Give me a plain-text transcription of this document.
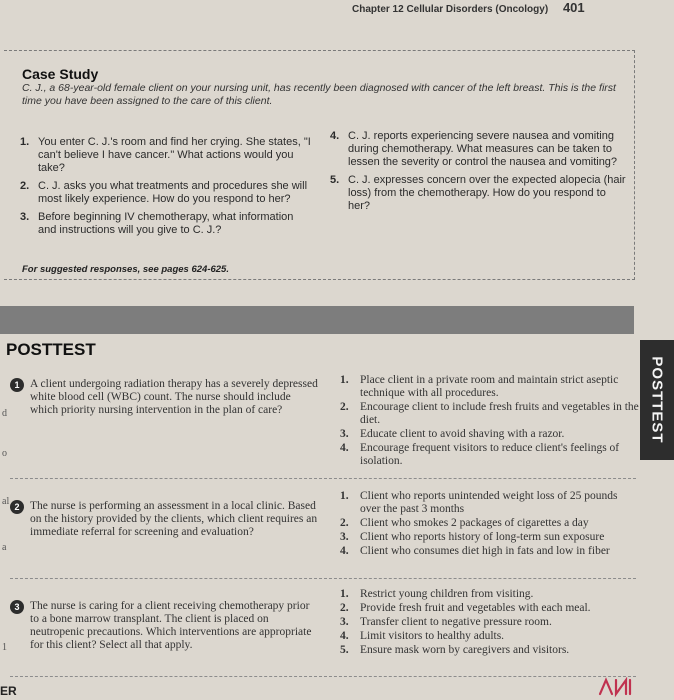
Chapter 12 Cellular Disorders (Oncology) 401
Case Study
C. J., a 68-year-old female client on your nursing unit, has recently been diagnosed with cancer of the left breast. This is the first time you have been assigned to the care of this client.
1. You enter C. J.'s room and find her crying. She states, "I can't believe I have cancer." What actions would you take?
2. C. J. asks you what treatments and procedures she will most likely experience. How do you respond to her?
3. Before beginning IV chemotherapy, what information and instructions will you give to C. J.?
4. C. J. reports experiencing severe nausea and vomiting during chemotherapy. What measures can be taken to lessen the severity or control the nausea and vomiting?
5. C. J. expresses concern over the expected alopecia (hair loss) from the chemotherapy. How do you respond to her?
For suggested responses, see pages 624-625.
POSTTEST
POSTTEST
1 A client undergoing radiation therapy has a severely depressed white blood cell (WBC) count. The nurse should include which priority nursing intervention in the plan of care?
1. Place client in a private room and maintain strict aseptic technique with all procedures.
2. Encourage client to include fresh fruits and vegetables in the diet.
3. Educate client to avoid shaving with a razor.
4. Encourage frequent visitors to reduce client's feelings of isolation.
2 The nurse is performing an assessment in a local clinic. Based on the history provided by the clients, which client requires an immediate referral for screening and evaluation?
1. Client who reports unintended weight loss of 25 pounds over the past 3 months
2. Client who smokes 2 packages of cigarettes a day
3. Client who reports history of long-term sun exposure
4. Client who consumes diet high in fats and low in fiber
3 The nurse is caring for a client receiving chemotherapy prior to a bone marrow transplant. The client is placed on neutropenic precautions. Which interventions are appropriate for this client? Select all that apply.
1. Restrict young children from visiting.
2. Provide fresh fruit and vegetables with each meal.
3. Transfer client to negative pressure room.
4. Limit visitors to healthy adults.
5. Ensure mask worn by caregivers and visitors.
d
o
al
a
1
ER
